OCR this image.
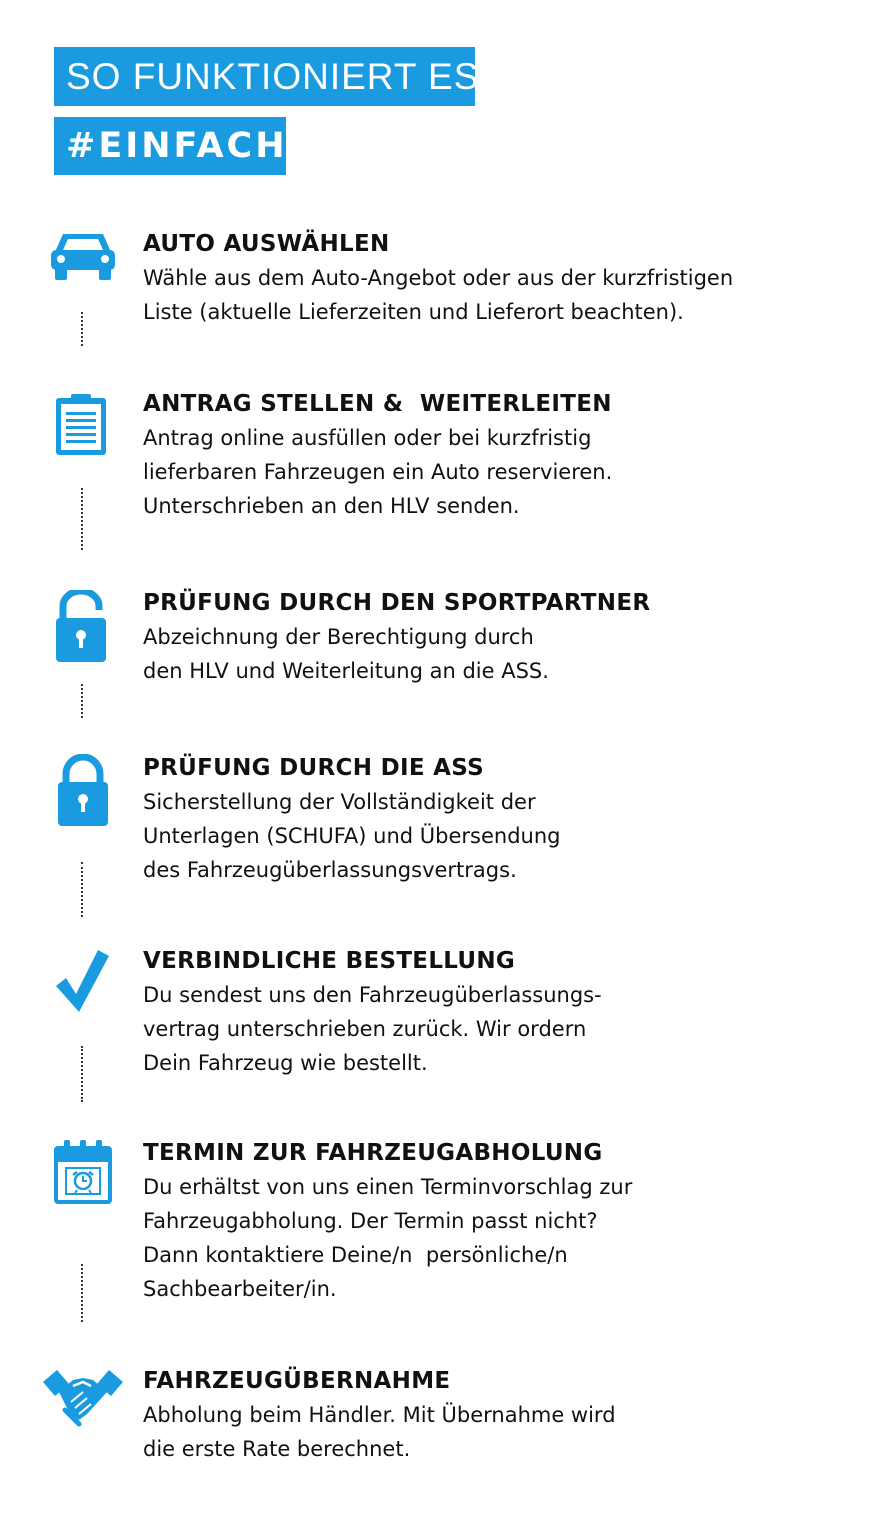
SO FUNKTIONIERT ES
#EINFACH
AUTO AUSWÄHLEN
Wähle aus dem Auto-Angebot oder aus der kurzfristigen
Liste (aktuelle Lieferzeiten und Lieferort beachten).
ANTRAG STELLEN &  WEITERLEITEN
Antrag online ausfüllen oder bei kurzfristig
lieferbaren Fahrzeugen ein Auto reservieren.
Unterschrieben an den HLV senden.
PRÜFUNG DURCH DEN SPORTPARTNER
Abzeichnung der Berechtigung durch
den HLV und Weiterleitung an die ASS.
PRÜFUNG DURCH DIE ASS
Sicherstellung der Vollständigkeit der
Unterlagen (SCHUFA) und Übersendung
des Fahrzeugüberlassungsvertrags.
VERBINDLICHE BESTELLUNG
Du sendest uns den Fahrzeugüberlassungs-
vertrag unterschrieben zurück. Wir ordern
Dein Fahrzeug wie bestellt.
TERMIN ZUR FAHRZEUGABHOLUNG
Du erhältst von uns einen Terminvorschlag zur
Fahrzeugabholung. Der Termin passt nicht?
Dann kontaktiere Deine/n  persönliche/n
Sachbearbeiter/in.
FAHRZEUGÜBERNAHME
Abholung beim Händler. Mit Übernahme wird
die erste Rate berechnet.
